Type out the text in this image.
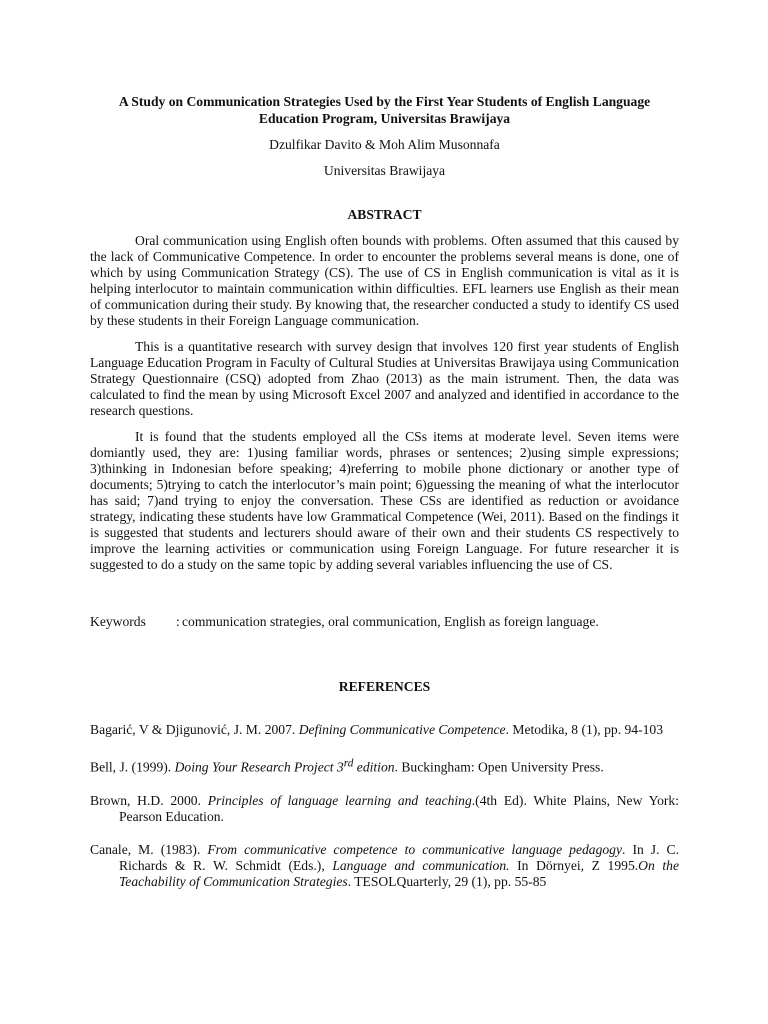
A Study on Communication Strategies Used by the First Year Students of English Language
Education Program, Universitas Brawijaya

Dzulfikar Davito & Moh Alim Musonnafa

Universitas Brawijaya

ABSTRACT

Oral communication using English often bounds with problems. Often assumed that this caused by the lack of Communicative Competence. In order to encounter the problems several means is done, one of which by using Communication Strategy (CS). The use of CS in English communication is vital as it is helping interlocutor to maintain communication within difficulties. EFL learners use English as their mean of communication during their study. By knowing that, the researcher conducted a study to identify CS used by these students in their Foreign Language communication.

This is a quantitative research with survey design that involves 120 first year students of English Language Education Program in Faculty of Cultural Studies at Universitas Brawijaya using Communication Strategy Questionnaire (CSQ) adopted from Zhao (2013) as the main istrument. Then, the data was calculated to find the mean by using Microsoft Excel 2007 and analyzed and identified in accordance to the research questions.

It is found that the students employed all the CSs items at moderate level. Seven items were domiantly used, they are: 1)using familiar words, phrases or sentences; 2)using simple expressions; 3)thinking in Indonesian before speaking; 4)referring to mobile phone dictionary or another type of documents; 5)trying to catch the interlocutor’s main point; 6)guessing the meaning of what the interlocutor has said; 7)and trying to enjoy the conversation. These CSs are identified as reduction or avoidance strategy, indicating these students have low Grammatical Competence (Wei, 2011). Based on the findings it is suggested that students and lecturers should aware of their own and their students CS respectively to improve the learning activities or communication using Foreign Language. For future researcher it is suggested to do a study on the same topic by adding several variables influencing the use of CS.

Keywords	: communication strategies, oral communication, English as foreign language.

REFERENCES

Bagarić, V & Djigunović, J. M. 2007. Defining Communicative Competence. Metodika, 8 (1), pp. 94-103

Bell, J. (1999). Doing Your Research Project 3rd edition. Buckingham: Open University Press.

Brown, H.D. 2000. Principles of language learning and teaching.(4th Ed). White Plains, New York: Pearson Education.

Canale, M. (1983). From communicative competence to communicative language pedagogy. In J. C. Richards & R. W. Schmidt (Eds.), Language and communication. In Dörnyei, Z 1995.On the Teachability of Communication Strategies. TESOLQuarterly, 29 (1), pp. 55-85
